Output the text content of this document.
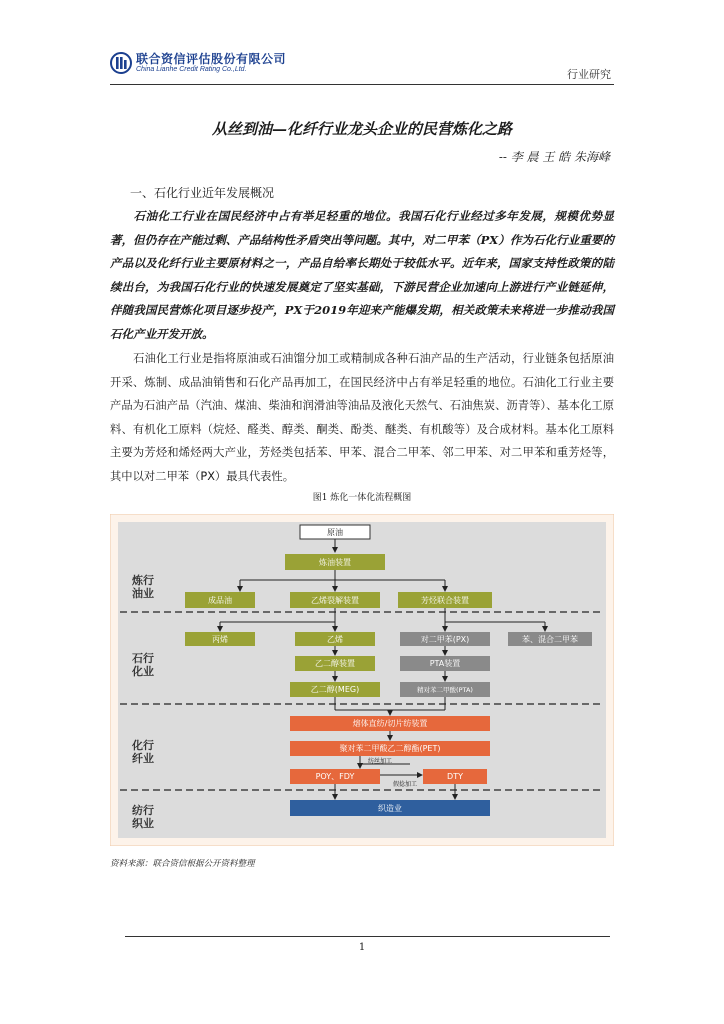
联合资信评估股份有限公司
China Lianhe Credit Rating Co.,Ltd.	行业研究
从丝到油—化纤行业龙头企业的民营炼化之路
-- 李 晨 王 皓 朱海峰
一、石化行业近年发展概况
石油化工行业在国民经济中占有举足轻重的地位。我国石化行业经过多年发展，规模优势显著，但仍存在产能过剩、产品结构性矛盾突出等问题。其中，对二甲苯（PX）作为石化行业重要的产品以及化纤行业主要原材料之一，产品自给率长期处于较低水平。近年来，国家支持性政策的陆续出台，为我国石化行业的快速发展奠定了坚实基础，下游民营企业加速向上游进行产业链延伸，伴随我国民营炼化项目逐步投产，PX于2019年迎来产能爆发期，相关政策未来将进一步推动我国石化产业开发开放。
石油化工行业是指将原油或石油馏分加工或精制成各种石油产品的生产活动，行业链条包括原油开采、炼制、成品油销售和石化产品再加工，在国民经济中占有举足轻重的地位。石油化工行业主要产品为石油产品（汽油、煤油、柴油和润滑油等油品及液化天然气、石油焦炭、沥青等）、基本化工原料、有机化工原料（烷烃、醛类、醇类、酮类、酚类、醚类、有机酸等）及合成材料。基本化工原料主要为芳烃和烯烃两大产业，芳烃类包括苯、甲苯、混合二甲苯、邻二甲苯、对二甲苯和重芳烃等，其中以对二甲苯（PX）最具代表性。
图1 炼化一体化流程概图
炼行油业
石行化业
化行纤业
纺行织业
原油
炼油装置
成品油	乙烯裂解装置	芳烃联合装置
丙烯	乙烯	对二甲苯(PX)	苯、混合二甲苯
乙二醇装置	PTA装置
乙二醇(MEG)	精对苯二甲酸(PTA)
熔体直纺/切片纺装置
聚对苯二甲酸乙二醇酯(PET)
POY、FDY	DTY
织造业
纺丝加工
假捻加工
资料来源：联合资信根据公开资料整理
1
